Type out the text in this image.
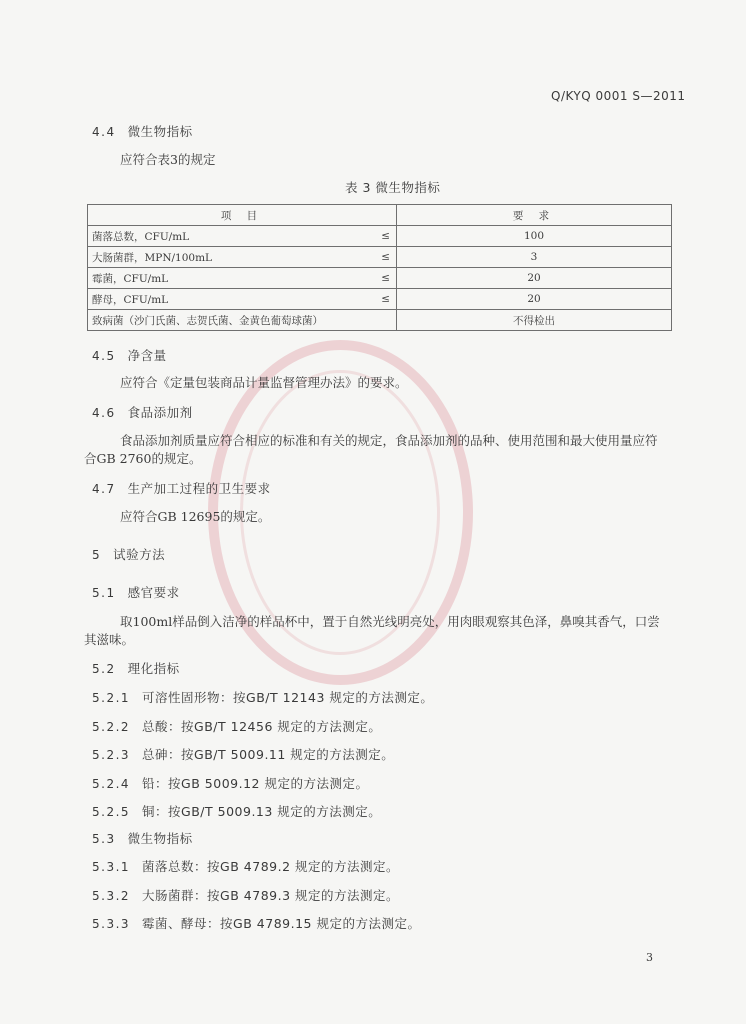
Q/KYQ 0001 S—2011
4.4 微生物指标
应符合表3的规定
表 3 微生物指标
项 目		要 求
菌落总数，CFU/mL	≤	100
大肠菌群，MPN/100mL	≤	3
霉菌，CFU/mL	≤	20
酵母，CFU/mL	≤	20
致病菌（沙门氏菌、志贺氏菌、金黄色葡萄球菌）		不得检出
4.5 净含量
应符合《定量包装商品计量监督管理办法》的要求。
4.6 食品添加剂
食品添加剂质量应符合相应的标准和有关的规定，食品添加剂的品种、使用范围和最大使用量应符
合GB 2760的规定。
4.7 生产加工过程的卫生要求
应符合GB 12695的规定。
5 试验方法
5.1 感官要求
取100ml样品倒入洁净的样品杯中，置于自然光线明亮处，用肉眼观察其色泽，鼻嗅其香气，口尝
其滋味。
5.2 理化指标
5.2.1 可溶性固形物：按GB/T 12143 规定的方法测定。
5.2.2 总酸：按GB/T 12456 规定的方法测定。
5.2.3 总砷：按GB/T 5009.11 规定的方法测定。
5.2.4 铅：按GB 5009.12 规定的方法测定。
5.2.5 铜：按GB/T 5009.13 规定的方法测定。
5.3 微生物指标
5.3.1 菌落总数：按GB 4789.2 规定的方法测定。
5.3.2 大肠菌群：按GB 4789.3 规定的方法测定。
5.3.3 霉菌、酵母：按GB 4789.15 规定的方法测定。
3
